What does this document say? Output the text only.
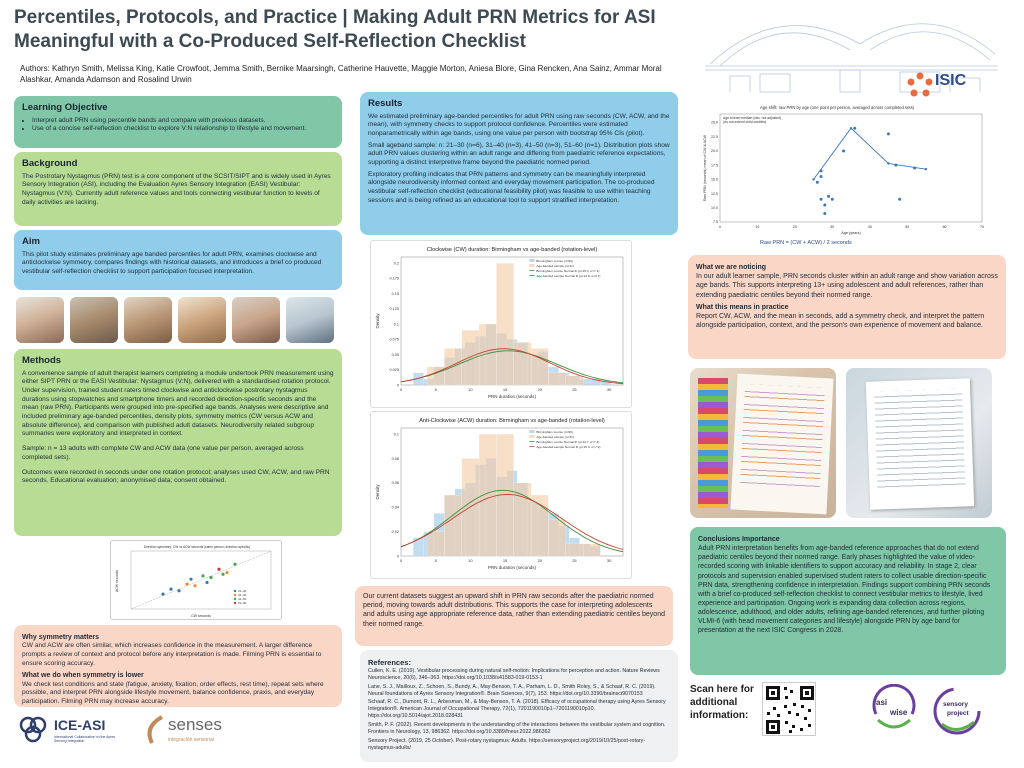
Percentiles, Protocols, and Practice | Making Adult PRN Metrics for ASI Meaningful with a Co-Produced Self-Reflection Checklist
Authors: Kathryn Smith, Melissa King, Katie Crowfoot, Jemma Smith, Bernike Maarsingh, Catherine Hauvette, Maggie Morton, Aniesa Blore, Gina Rencken, Ana Sainz, Ammar Moral Alashkar, Amanda Adamson and Rosalind Urwin	ISIC
Learning Objective
• Interpret adult PRN using percentile bands and compare with previous datasets.
• Use of a concise self-reflection checklist to explore V:N relationship to lifestyle and movement.
Background

The Postrotary Nystagmus (PRN) test is a core component of the SCSIT/SIPT and is widely used in Ayres Sensory Integration (ASI), including the Evaluation Ayres Sensory Integration (EASI) Vestibular: Nystagmus (V:N). Currently adult reference values and tools connecting vestibular function to levels of daily activities are lacking.

Aim

This pilot study estimates preliminary age banded percentiles for adult PRN, examines clockwise and anticlockwise symmetry, compares findings with historical datasets, and introduces a brief co produced vestibular self-reflection checklist to support participation focused interpretation.

Methods

A convenience sample of adult therapist learners completing a module undertook PRN measurement using either SIPT PRN or the EASI Vestibular: Nystagmus (V:N), delivered with a standardised rotation protocol. Under supervision, trained student raters timed clockwise and anticlockwise postrotary nystagmus durations using stopwatches and smartphone timers and recorded direction-specific seconds and the mean (raw PRN). Participants were grouped into pre-specified age bands. Analyses were descriptive and included preliminary age-banded percentiles, density plots, symmetry metrics (CW versus ACW and absolute difference), and comparison with published adult datasets. Neurodiversity related subgroup summaries were exploratory and interpreted in context.

Sample: n = 13 adults with complete CW and ACW data (one value per person, averaged across completed sets).

Outcomes were recorded in seconds under one rotation protocol; analyses used CW, ACW, and raw PRN seconds. Educational evaluation; anonymised data; consent obtained.

Direction symmetry: CW vs ACW seconds (same person; direction-specific)
CW seconds
ACW seconds	21–30
31–40
41–50
51–60
Why symmetry matters

CW and ACW are often similar, which increases confidence in the measurement. A larger difference prompts a review of context and protocol before any interpretation is made. Filming PRN is essential to ensure scoring accuracy.

What we do when symmetry is lower

We check test conditions and state (fatigue, anxiety, fixation, order effects, rest time), repeat sets where possible, and interpret PRN alongside lifestyle movement, balance confidence, praxis, and everyday participation. Filming PRN may increase accuracy.

ICE-ASI
International Collaborative on the Ayres Sensory Integration
senses
integración sensorial
Results

We estimated preliminary age-banded percentiles for adult PRN using raw seconds (CW, ACW, and the mean), with symmetry checks to support protocol confidence. Percentiles were estimated nonparametrically within age bands, using one value per person with bootstrap 95% CIs (pilot).

Small ageband sample: n: 21–30 (n=6), 31–40 (n=3), 41–50 (n=3), 51–60 (n=1). Distribution plots show adult PRN values clustering within an adult range and differing from paediatric reference expectations, supporting a distinct interpretive frame beyond the paediatric normed period.

Exploratory profiling indicates that PRN patterns and symmetry can be meaningfully interpreted alongside neurodiversity informed context and everyday movement participation. The co-produced vestibular self-reflection checklist (educational feasibility pilot) was feasible to use within teaching sessions and is being refined as an educational tool to support stratified interpretation.

Clockwise (CW) duration: Birmingham vs age-banded (rotation-level)
0	5	10	15	20	25	30
0
0.025
0.05
0.075
0.1
0.125
0.15
0.175
0.2
PRN duration (seconds)
Density
Birmingham course (n=96)
Age-banded sample (n=31)
Birmingham course Normal fit (μ=15.4, σ=7.1)
Age-banded sample Normal fit (μ=14.8, σ=6.7)
Anti-Clockwise (ACW) duration: Birmingham vs age-banded (rotation-level)
0	5	10	15	20	25	30
0
0.02
0.04
0.06
0.08
0.1
PRN duration (seconds)
Density
Birmingham course (n=96)
Age-banded sample (n=31)
Birmingham course Normal fit (μ=14.7, σ=7.4)
Age-banded sample Normal fit (μ=15.3, σ=7.9)

Our current datasets suggest an upward shift in PRN raw seconds after the paediatric normed period, moving towards adult distributions. This supports the case for interpreting adolescents and adults using age appropriate reference data, rather than extending paediatric centiles beyond their normed range.

References:

Cullen, K. E. (2019). Vestibular processing during natural self-motion: Implications for perception and action. Nature Reviews Neuroscience, 20(6), 346–363. https://doi.org/10.1038/s41583-019-0153-1

Lane, S. J., Mailloux, Z., Schoen, S., Bundy, A., May-Benson, T. A., Parham, L. D., Smith Roley, S., & Schaaf, R. C. (2019). Neural foundations of Ayres Sensory Integration®. Brain Sciences, 9(7), 153. https://doi.org/10.3390/brainsci9070153

Schaaf, R. C., Dumont, R. L., Arbesman, M., & May-Benson, T. A. (2018). Efficacy of occupational therapy using Ayres Sensory Integration®. American Journal of Occupational Therapy, 72(1), 7201190010p1–7201190010p10. https://doi.org/10.5014/ajot.2018.028431

Smith, P. F. (2022). Recent developments in the understanding of the interactions between the vestibular system and cognition. Frontiers in Neurology, 13, 986362. https://doi.org/10.3389/fneur.2022.986362

Sensory Project. (2019, 25 October). Post-rotary nystagmus: Adults. https://sensoryproject.org/2019/10/25/post-rotary-nystagmus-adults/

Age shift: raw PRN by age (one point per person, averaged across completed sets)
0	10	20	30	40	50	60	70
7.5
10.0
12.5
15.0
17.5
20.0
22.5
25.0
Age (years)
Raw PRN (seconds) mean of CW & ACW
Age-binned median (dev. not adjusted)
(do not extend child centiles)
Raw PRN = (CW + ACW) / 2 seconds
What we are noticing

In our adult learner sample, PRN seconds cluster within an adult range and show variation across age bands. This supports interpreting 13+ using adolescent and adult references, rather than extending paediatric centiles beyond their normed range.

What this means in practice

Report CW, ACW, and the mean in seconds, add a symmetry check, and interpret the pattern alongside participation, context, and the person's own experience of movement and balance.

Conclusions Importance

Adult PRN interpretation benefits from age-banded reference approaches that do not extend paediatric centiles beyond their normed range. Early phases highlighted the value of video-recorded scoring with linkable identifiers to support accuracy and reliability. In stage 2, clear protocols and supervision enabled supervised student raters to collect usable direction-specific PRN data, strengthening confidence in interpretation. Findings support combining PRN seconds with a brief co-produced self-reflection checklist to connect vestibular metrics to lifestyle, lived experience and participation. Ongoing work is expanding data collection across regions, adolescence, adulthood, and older adults, refining age-banded references, and further piloting VLMI-6 (with head movement categories and lifestyle) alongside PRN by age band for presentation at the next ISIC Congress in 2028.

Scan here for additional information:
asi
wise
sensory
project
